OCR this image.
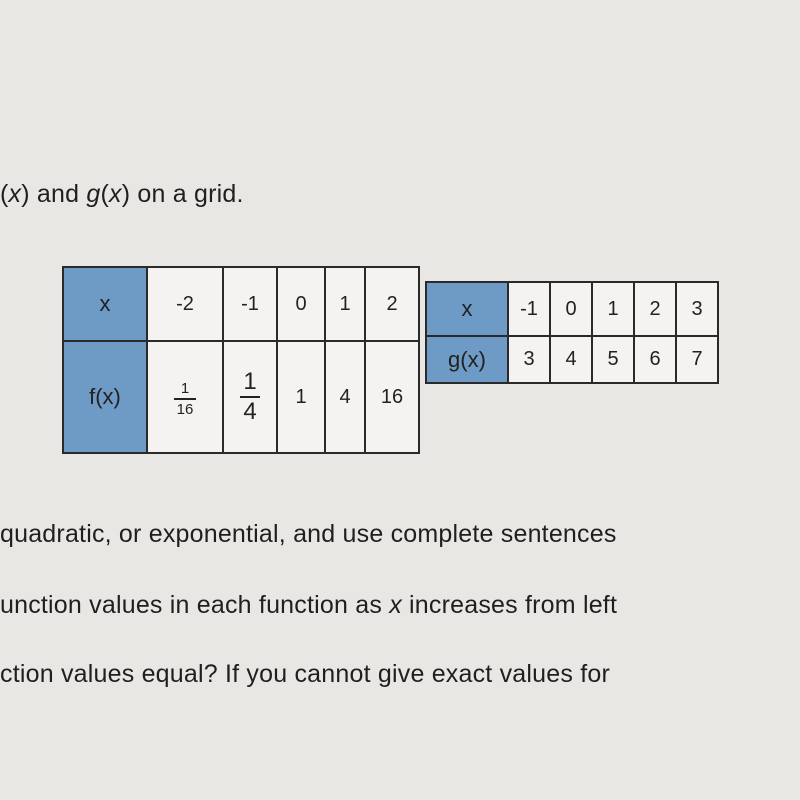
(x) and g(x) on a grid.
x	-2	-1	0	1	2
f(x)	$\frac{1}{16}$	$\frac{1}{4}$	1	4	16
x	-1	0	1	2	3
g(x)	3	4	5	6	7
quadratic, or exponential, and use complete sentences
unction values in each function as x increases from left
ction values equal? If you cannot give exact values for
